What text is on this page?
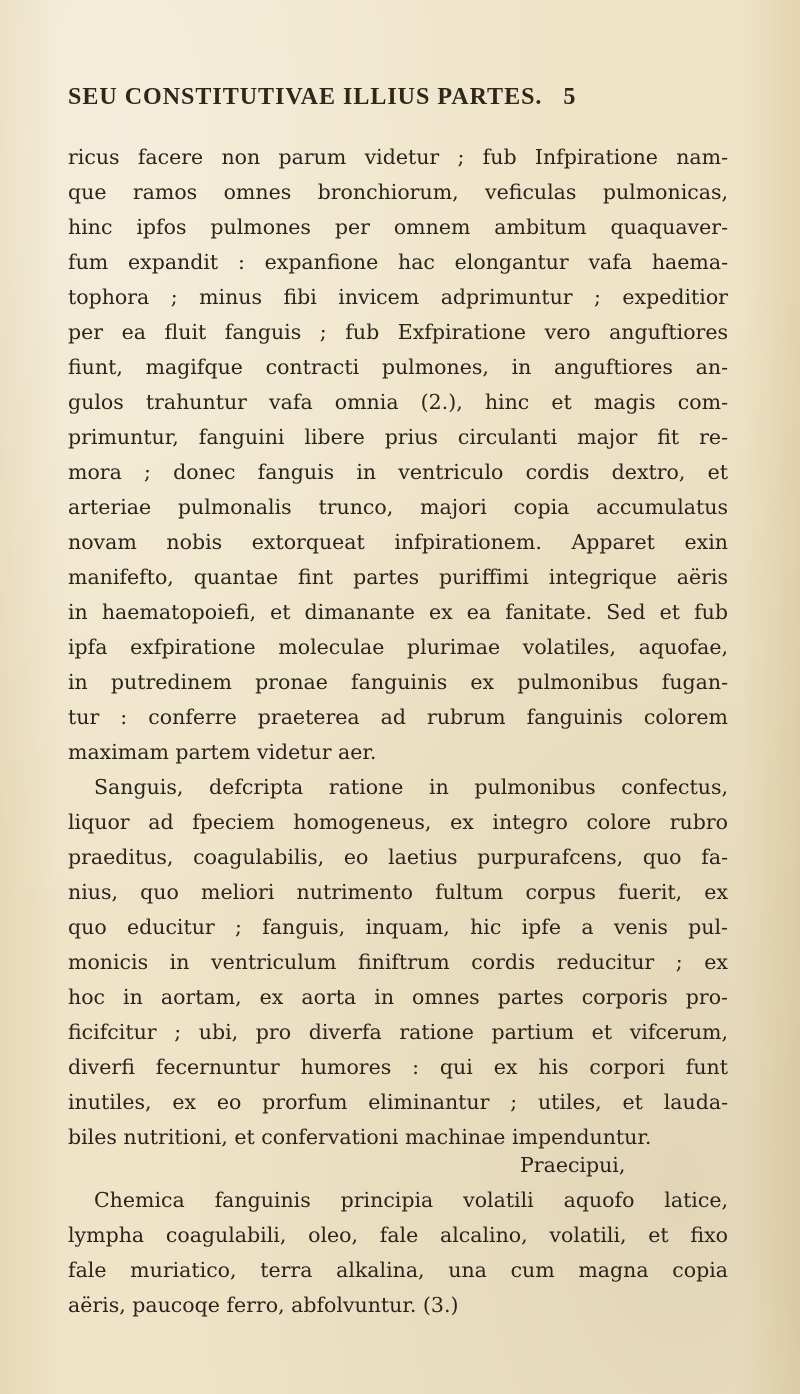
SEU CONSTITUTIVAE ILLIUS PARTES. 5
ricus facere non parum videtur ; fub Infpiratione nam-
que ramos omnes bronchiorum, veficulas pulmonicas,
hinc ipfos pulmones per omnem ambitum quaquaver-
fum expandit : expanfione hac elongantur vafa haema-
tophora ; minus fibi invicem adprimuntur ; expeditior
per ea fluit fanguis ; fub Exfpiratione vero anguftiores
fiunt, magifque contracti pulmones, in anguftiores an-
gulos trahuntur vafa omnia (2.), hinc et magis com-
primuntur, fanguini libere prius circulanti major fit re-
mora ; donec fanguis in ventriculo cordis dextro, et
arteriae pulmonalis trunco, majori copia accumulatus
novam nobis extorqueat infpirationem. Apparet exin
manifefto, quantae fint partes puriffimi integrique aëris
in haematopoiefi, et dimanante ex ea fanitate. Sed et fub
ipfa exfpiratione moleculae plurimae volatiles, aquofae,
in putredinem pronae fanguinis ex pulmonibus fugan-
tur : conferre praeterea ad rubrum fanguinis colorem
maximam partem videtur aer.
Sanguis, defcripta ratione in pulmonibus confectus,
liquor ad fpeciem homogeneus, ex integro colore rubro
praeditus, coagulabilis, eo laetius purpurafcens, quo fa-
nius, quo meliori nutrimento fultum corpus fuerit, ex
quo educitur ; fanguis, inquam, hic ipfe a venis pul-
monicis in ventriculum finiftrum cordis reducitur ; ex
hoc in aortam, ex aorta in omnes partes corporis pro-
ficifcitur ; ubi, pro diverfa ratione partium et vifcerum,
diverfi fecernuntur humores : qui ex his corpori funt
inutiles, ex eo prorfum eliminantur ; utiles, et lauda-
biles nutritioni, et confervationi machinae impenduntur.
Chemica fanguinis principia volatili aquofo latice,
lympha coagulabili, oleo, fale alcalino, volatili, et fixo
fale muriatico, terra alkalina, una cum magna copia
aëris, paucoqe ferro, abfolvuntur. (3.)
Praecipui,
